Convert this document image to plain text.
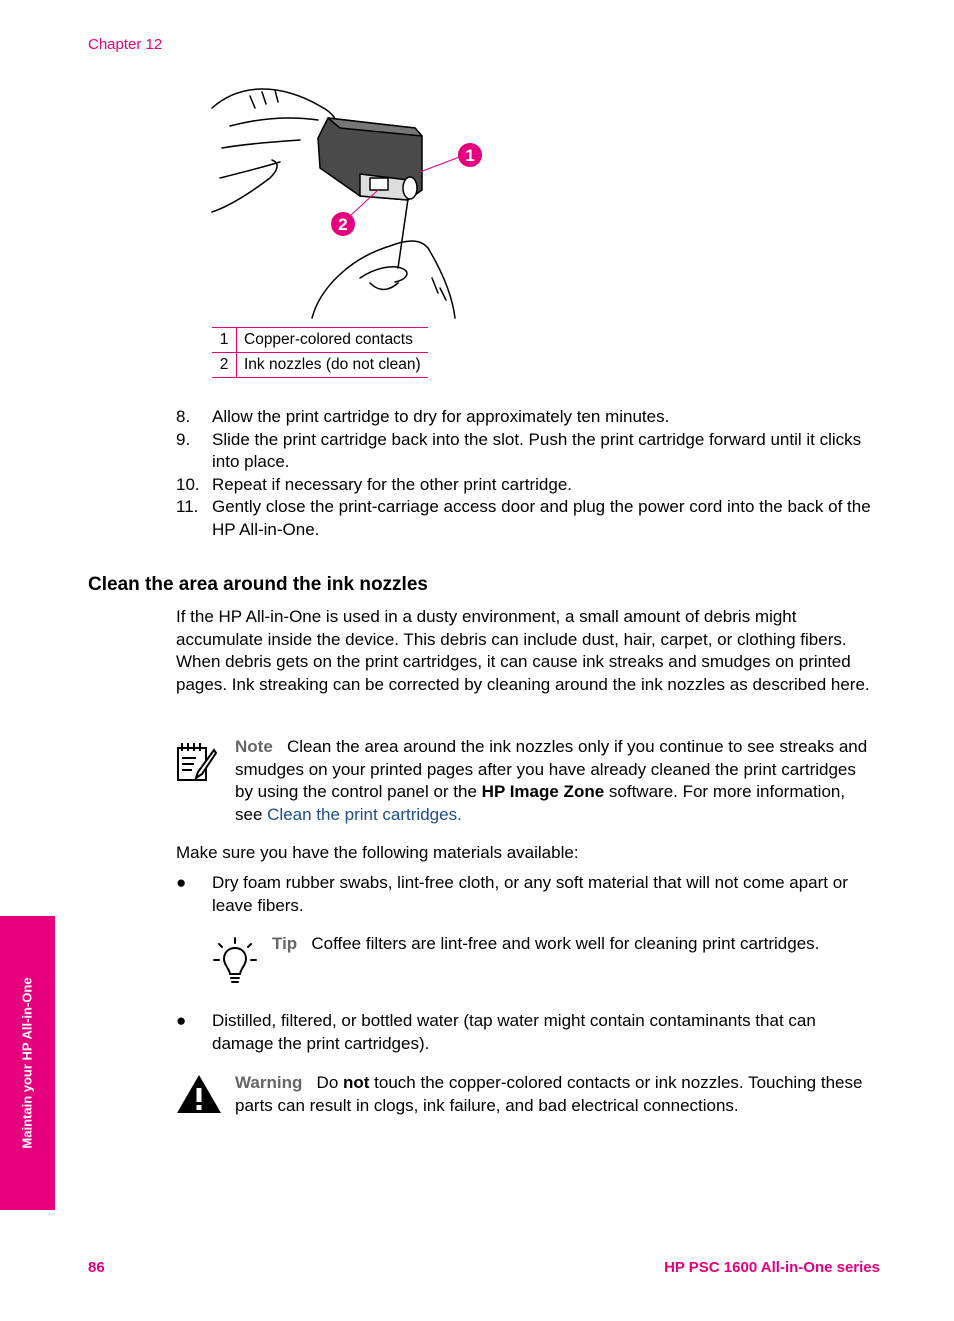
Chapter 12
1
2
1	Copper-colored contacts
2	Ink nozzles (do not clean)
8.	Allow the print cartridge to dry for approximately ten minutes.
9.	Slide the print cartridge back into the slot. Push the print cartridge forward until it clicks into place.
10. Repeat if necessary for the other print cartridge.
11. Gently close the print-carriage access door and plug the power cord into the back of the HP All-in-One.
Clean the area around the ink nozzles
If the HP All-in-One is used in a dusty environment, a small amount of debris might accumulate inside the device. This debris can include dust, hair, carpet, or clothing fibers. When debris gets on the print cartridges, it can cause ink streaks and smudges on printed pages. Ink streaking can be corrected by cleaning around the ink nozzles as described here.
Note Clean the area around the ink nozzles only if you continue to see streaks and smudges on your printed pages after you have already cleaned the print cartridges by using the control panel or the HP Image Zone software. For more information, see Clean the print cartridges.
Make sure you have the following materials available:
●	Dry foam rubber swabs, lint-free cloth, or any soft material that will not come apart or leave fibers.
Tip Coffee filters are lint-free and work well for cleaning print cartridges.
●	Distilled, filtered, or bottled water (tap water might contain contaminants that can damage the print cartridges).
Warning Do not touch the copper-colored contacts or ink nozzles. Touching these parts can result in clogs, ink failure, and bad electrical connections.
Maintain your HP All-in-One
86	HP PSC 1600 All-in-One series
